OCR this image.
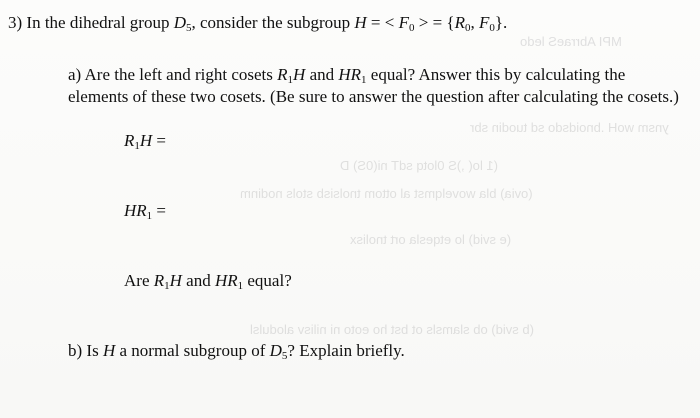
MPI AbrraeS ledo
ynsm woH .bnoidsdo sd tuodin sbr
(1 lo( ,)S 0lotq sdT ni(0S) D
(ovia) bla wovelqmst al ottom tnolsisb stols nodinm
(e svid) lo etqesla ort tnolisx
(b svid) ob slamsls ot bst ho eoto ni nilisv alodulsl
3) In the dihedral group $D_5$, consider the subgroup H = < $F_0$ > = {$R_0$, $F_0$}.
a) Are the left and right cosets $R_1H$ and $HR_1$ equal? Answer this by calculating the
elements of these two cosets. (Be sure to answer the question after calculating the cosets.)
$R_1H$ =
$HR_1$ =
Are $R_1H$ and $HR_1$ equal?
b) Is H a normal subgroup of $D_5$? Explain briefly.
